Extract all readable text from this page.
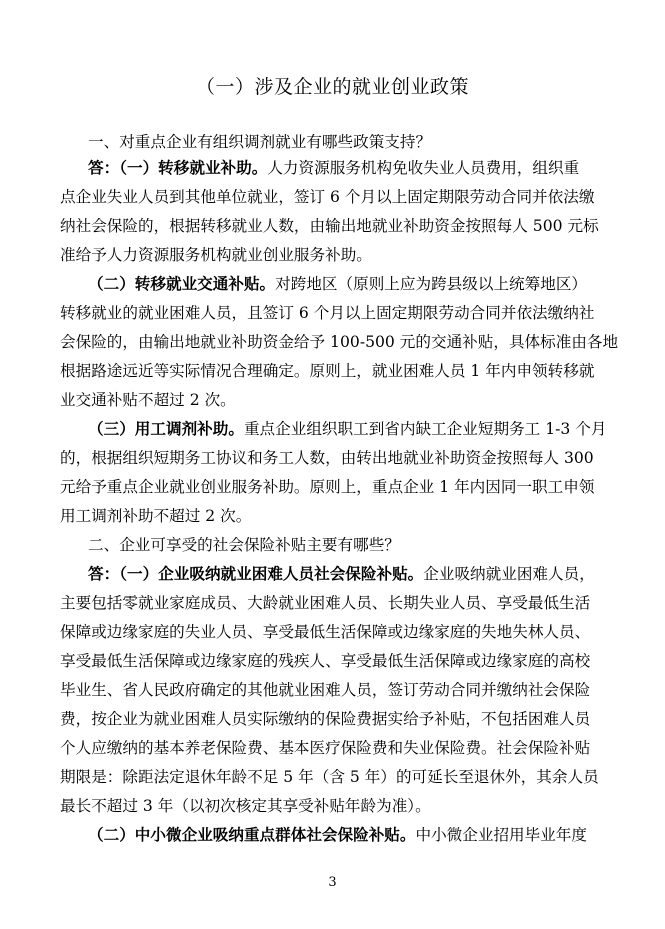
（一）涉及企业的就业创业政策
一、对重点企业有组织调剂就业有哪些政策支持？
答：（一）转移就业补助。人力资源服务机构免收失业人员费用，组织重
点企业失业人员到其他单位就业，签订 6 个月以上固定期限劳动合同并依法缴
纳社会保险的，根据转移就业人数，由输出地就业补助资金按照每人 500 元标
准给予人力资源服务机构就业创业服务补助。
（二）转移就业交通补贴。对跨地区（原则上应为跨县级以上统筹地区）
转移就业的就业困难人员，且签订 6 个月以上固定期限劳动合同并依法缴纳社
会保险的，由输出地就业补助资金给予 100-500 元的交通补贴，具体标准由各地
根据路途远近等实际情况合理确定。原则上，就业困难人员 1 年内申领转移就
业交通补贴不超过 2 次。
（三）用工调剂补助。重点企业组织职工到省内缺工企业短期务工 1-3 个月
的，根据组织短期务工协议和务工人数，由转出地就业补助资金按照每人 300
元给予重点企业就业创业服务补助。原则上，重点企业 1 年内因同一职工申领
用工调剂补助不超过 2 次。
二、企业可享受的社会保险补贴主要有哪些？
答：（一）企业吸纳就业困难人员社会保险补贴。企业吸纳就业困难人员，
主要包括零就业家庭成员、大龄就业困难人员、长期失业人员、享受最低生活
保障或边缘家庭的失业人员、享受最低生活保障或边缘家庭的失地失林人员、
享受最低生活保障或边缘家庭的残疾人、享受最低生活保障或边缘家庭的高校
毕业生、省人民政府确定的其他就业困难人员，签订劳动合同并缴纳社会保险
费，按企业为就业困难人员实际缴纳的保险费据实给予补贴，不包括困难人员
个人应缴纳的基本养老保险费、基本医疗保险费和失业保险费。社会保险补贴
期限是：除距法定退休年龄不足 5 年（含 5 年）的可延长至退休外，其余人员
最长不超过 3 年（以初次核定其享受补贴年龄为准）。
（二）中小微企业吸纳重点群体社会保险补贴。中小微企业招用毕业年度
3
